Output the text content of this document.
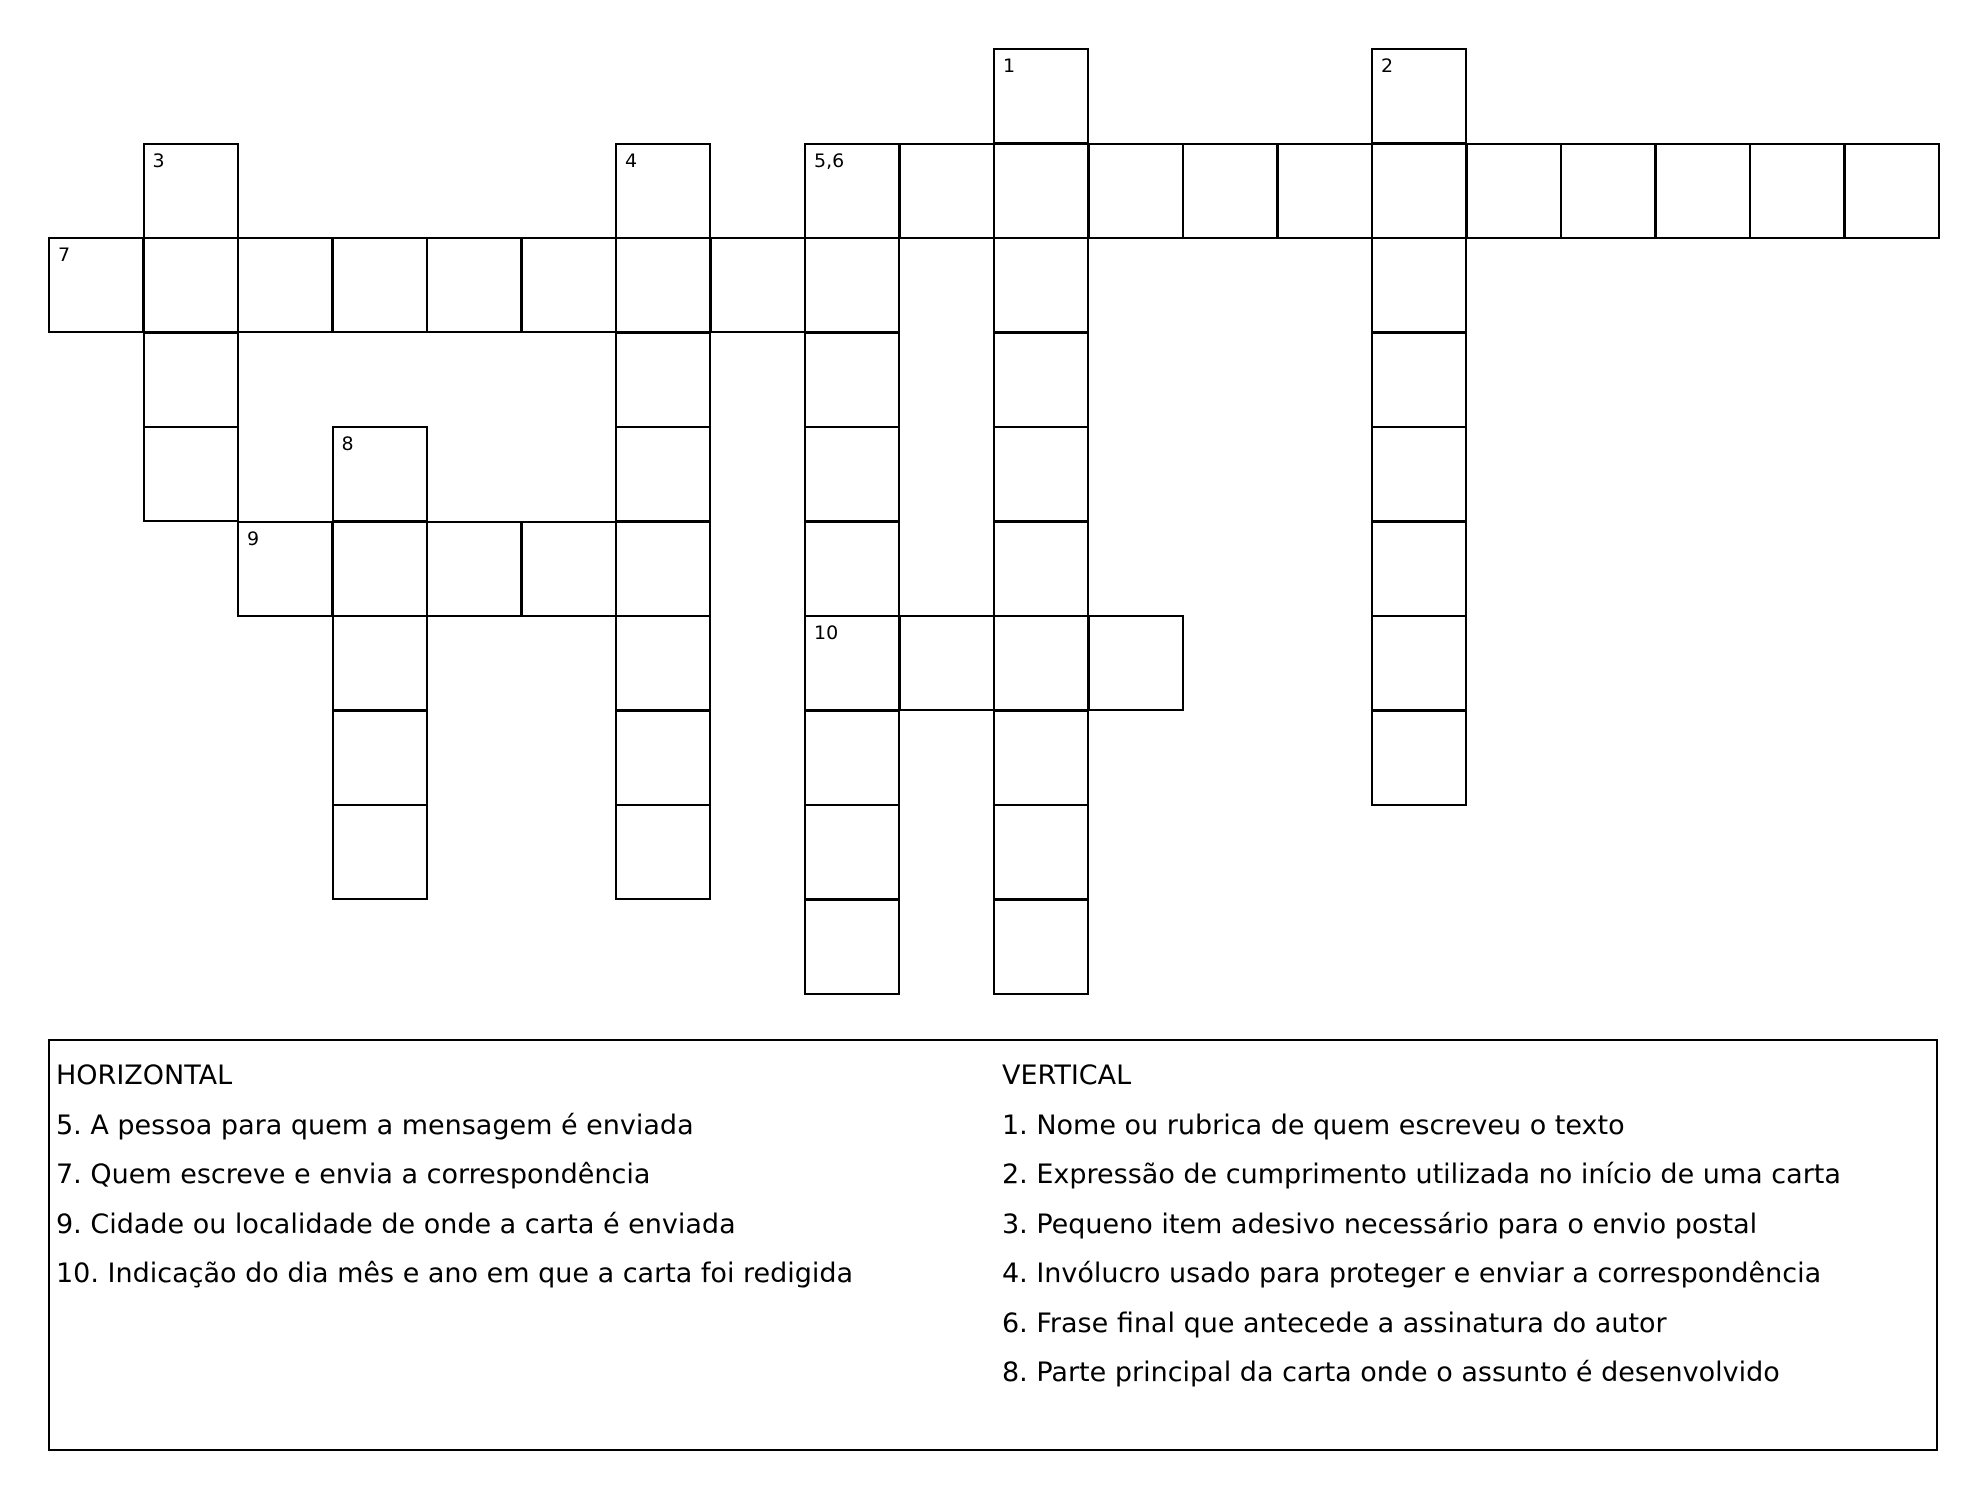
1	2
3	4	5,6
7
8
9
10
HORIZONTAL
5. A pessoa para quem a mensagem é enviada
7. Quem escreve e envia a correspondência
9. Cidade ou localidade de onde a carta é enviada
10. Indicação do dia mês e ano em que a carta foi redigida
VERTICAL
1. Nome ou rubrica de quem escreveu o texto
2. Expressão de cumprimento utilizada no início de uma carta
3. Pequeno item adesivo necessário para o envio postal
4. Invólucro usado para proteger e enviar a correspondência
6. Frase final que antecede a assinatura do autor
8. Parte principal da carta onde o assunto é desenvolvido
